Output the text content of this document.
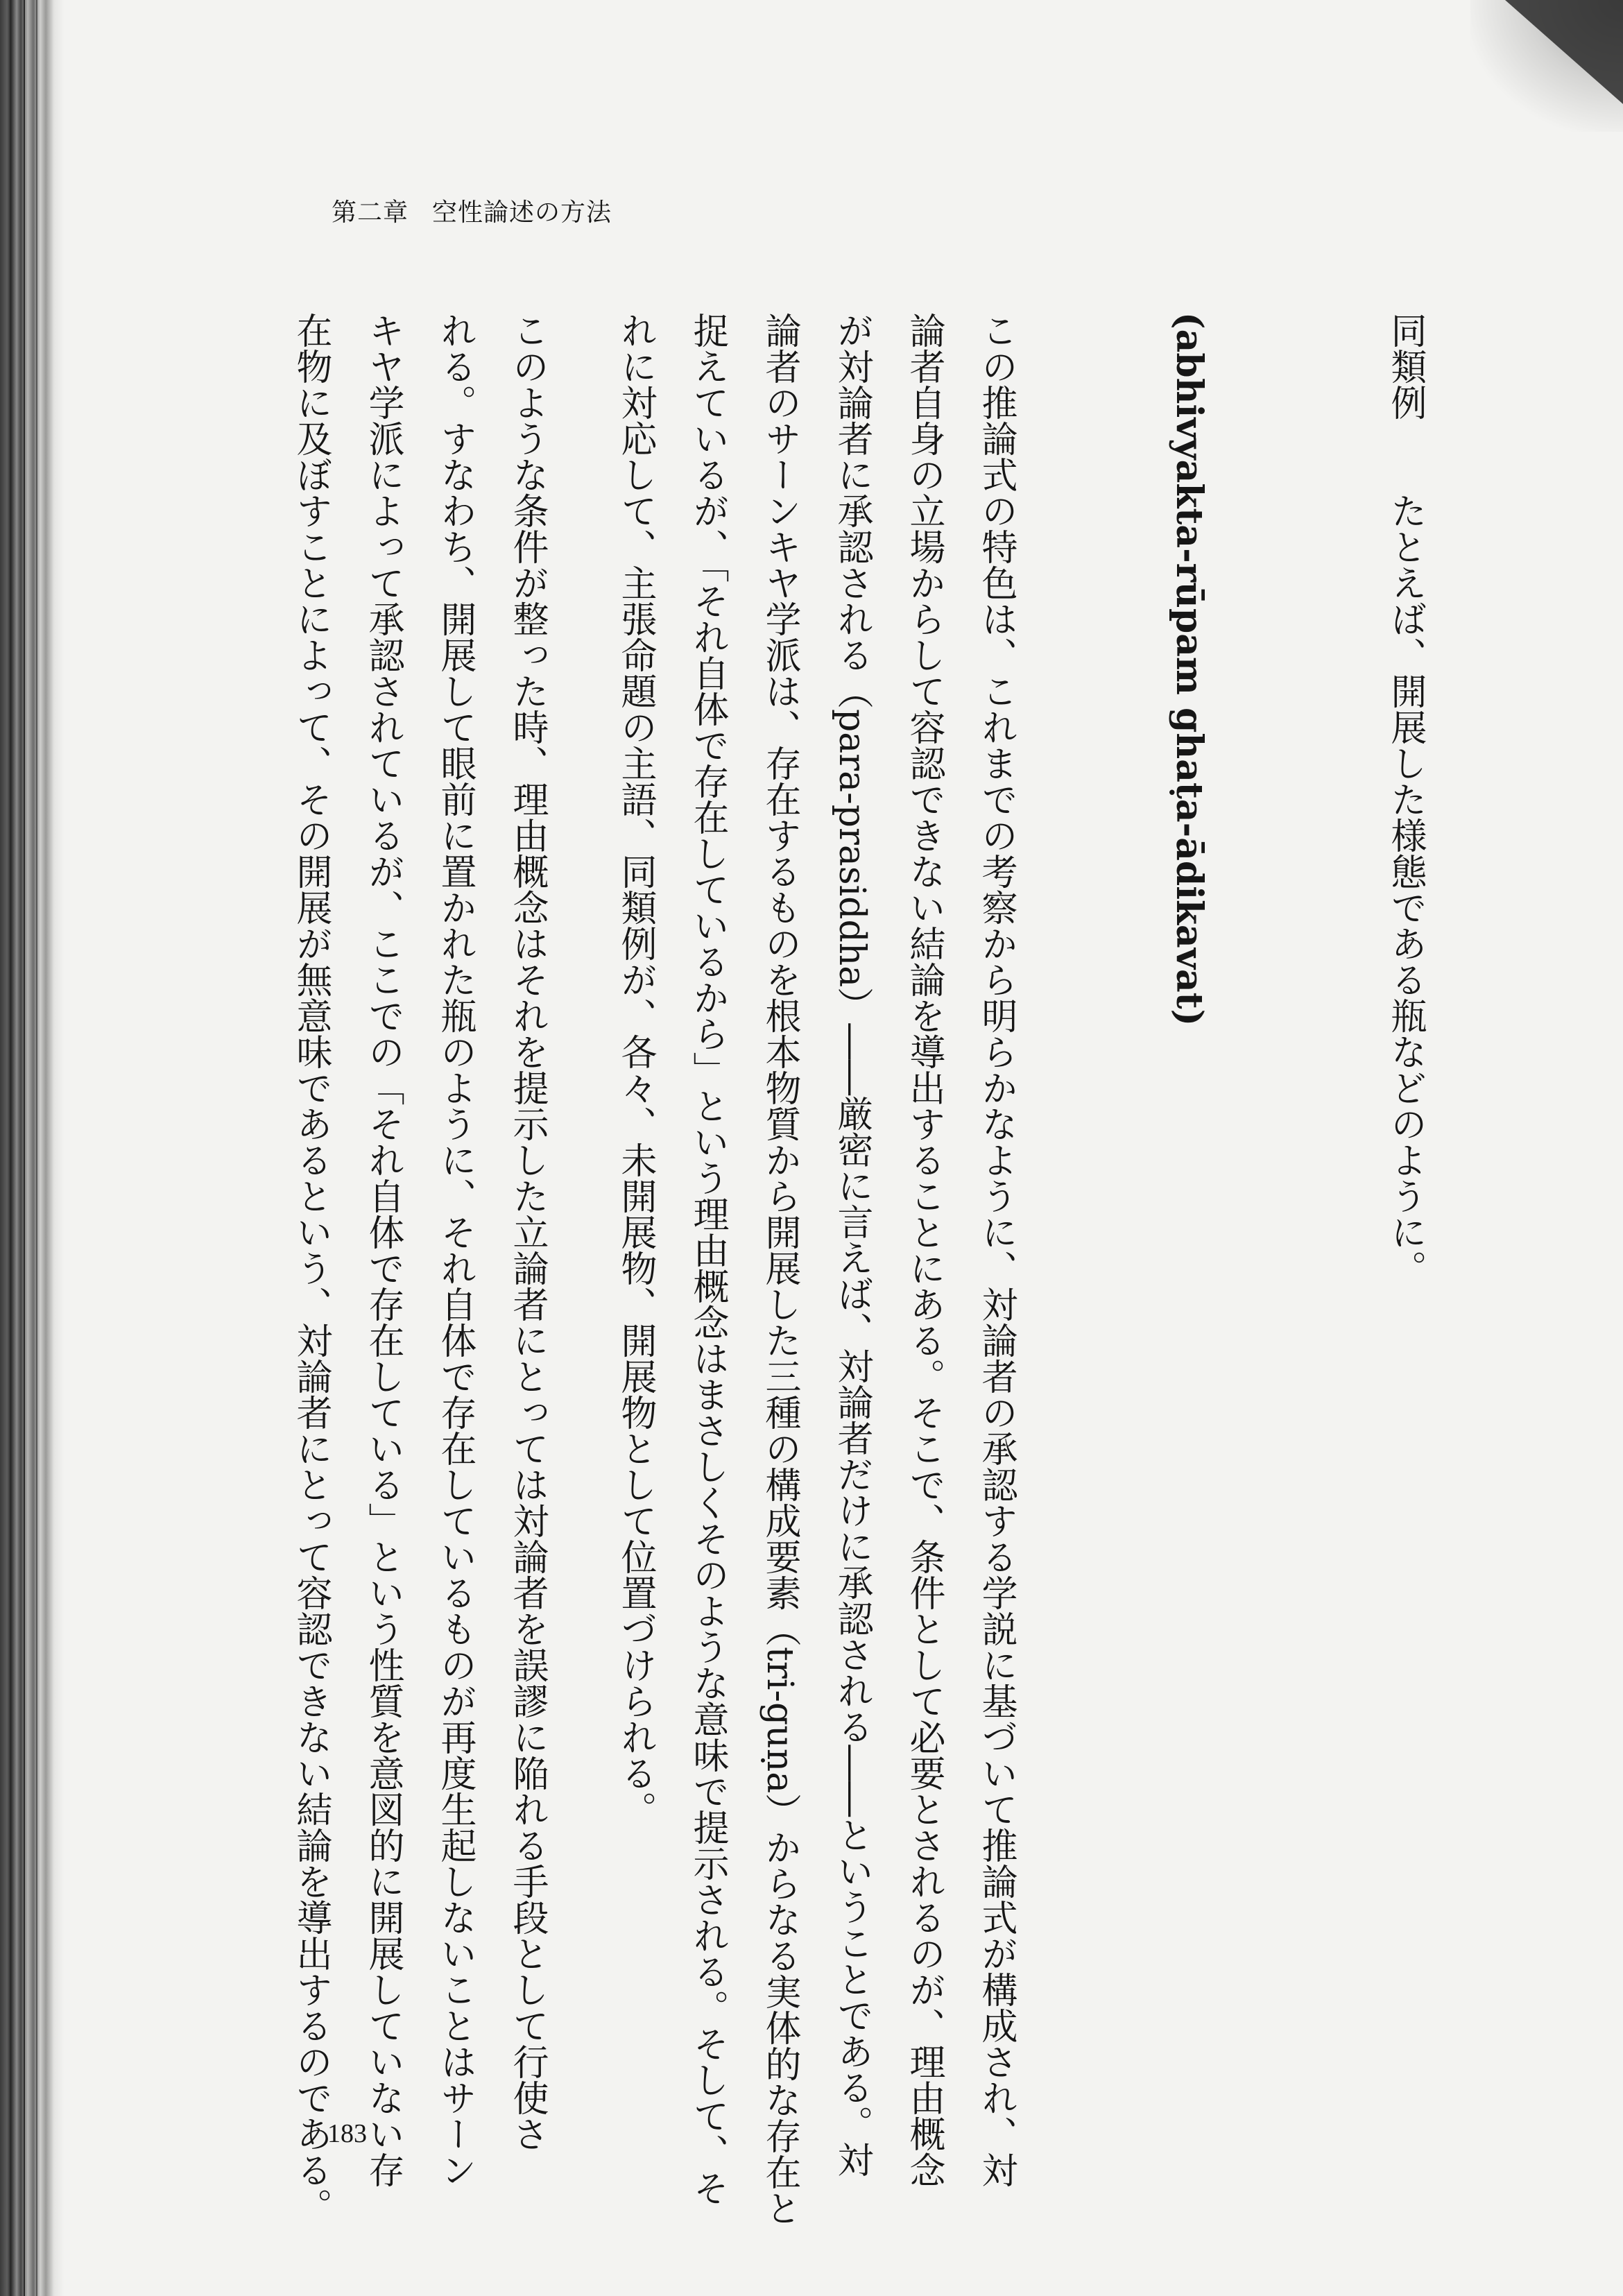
第二章 空性論述の方法

同類例たとえば、開展した様態である瓶などのように。

(abhivyakta-rūpam ghaṭa-ādikavat)

この推論式の特色は、これまでの考察から明らかなように、対論者の承認する学説に基づいて推論式が構成され、対

論者自身の立場からして容認できない結論を導出することにある。そこで、条件として必要とされるのが、理由概念

が対論者に承認される（para-prasiddha）――厳密に言えば、対論者だけに承認される――ということである。対

論者のサーンキヤ学派は、存在するものを根本物質から開展した三種の構成要素（tri-guṇa）からなる実体的な存在と

捉えているが、「それ自体で存在しているから」という理由概念はまさしくそのような意味で提示される。そして、そ

れに対応して、主張命題の主語、同類例が、各々、未開展物、開展物として位置づけられる。

このような条件が整った時、理由概念はそれを提示した立論者にとっては対論者を誤謬に陥れる手段として行使さ

れる。すなわち、開展して眼前に置かれた瓶のように、それ自体で存在しているものが再度生起しないことはサーン

キヤ学派によって承認されているが、ここでの「それ自体で存在している」という性質を意図的に開展していない存

在物に及ぼすことによって、その開展が無意味であるという、対論者にとって容認できない結論を導出するのである。

183
